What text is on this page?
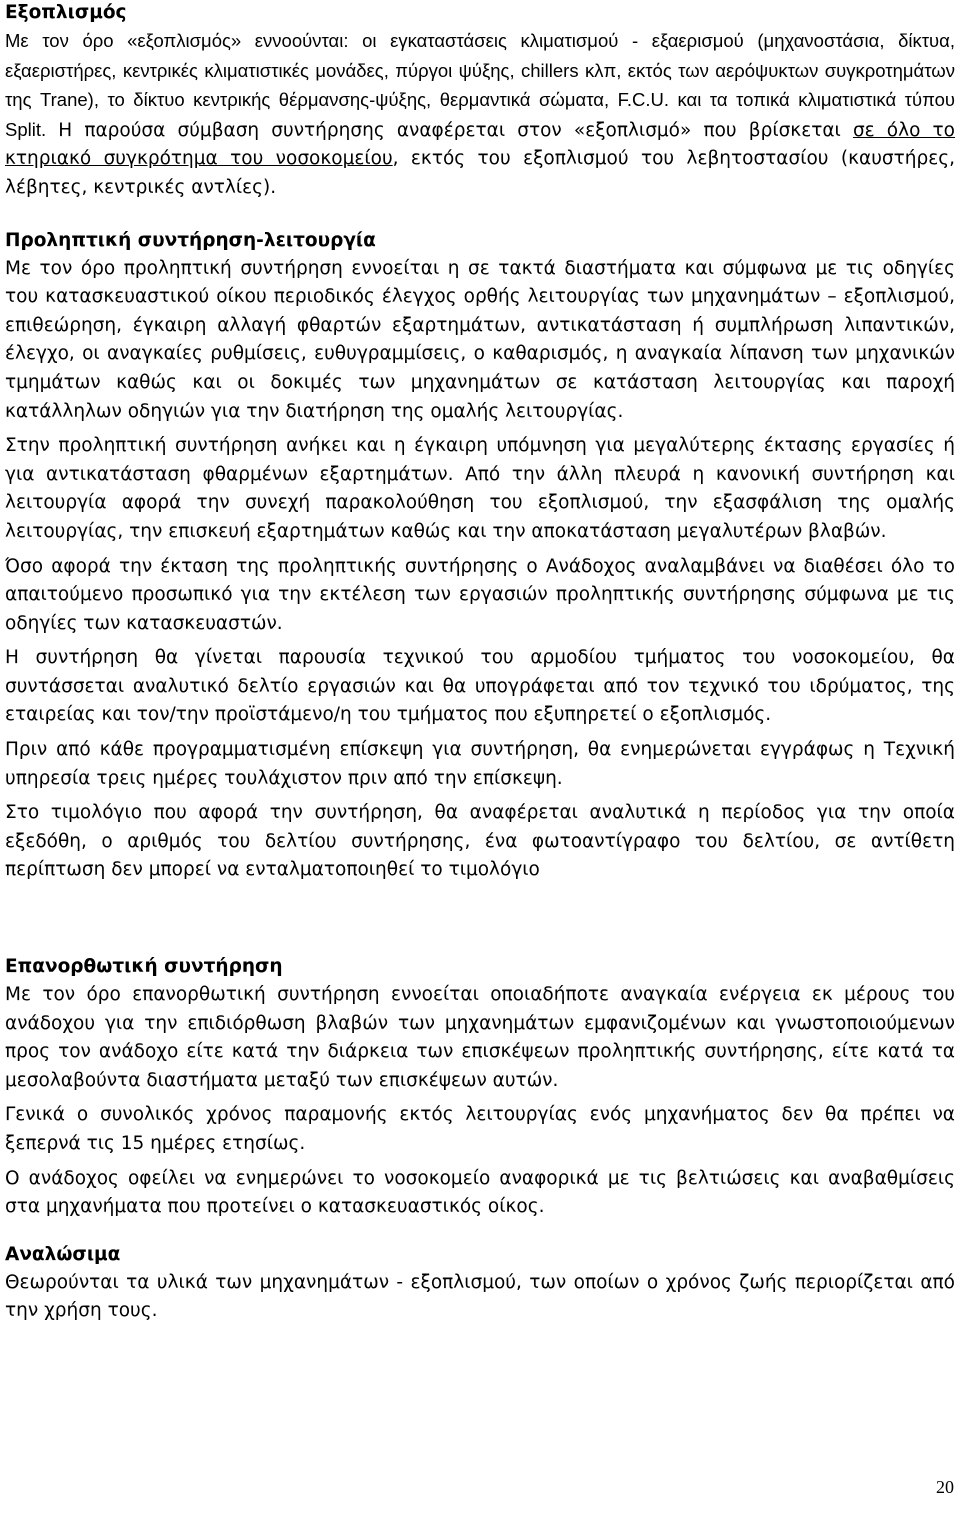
Εξοπλισμός

Με τον όρο «εξοπλισμός» εννοούνται: οι εγκαταστάσεις κλιματισμού - εξαερισμού (μηχανοστάσια, δίκτυα, εξαεριστήρες, κεντρικές κλιματιστικές μονάδες, πύργοι ψύξης, chillers κλπ, εκτός των αερόψυκτων συγκροτημάτων της Trane), το δίκτυο κεντρικής θέρμανσης-ψύξης, θερμαντικά σώματα, F.C.U. και τα τοπικά κλιματιστικά τύπου Split. Η παρούσα σύμβαση συντήρησης αναφέρεται στον «εξοπλισμό» που βρίσκεται σε όλο το κτηριακό συγκρότημα του νοσοκομείου, εκτός του εξοπλισμού του λεβητοστασίου (καυστήρες, λέβητες, κεντρικές αντλίες).

Προληπτική συντήρηση-λειτουργία

Με τον όρο προληπτική συντήρηση εννοείται η σε τακτά διαστήματα και σύμφωνα με τις οδηγίες του κατασκευαστικού οίκου περιοδικός έλεγχος ορθής λειτουργίας των μηχανημάτων – εξοπλισμού, επιθεώρηση, έγκαιρη αλλαγή φθαρτών εξαρτημάτων, αντικατάσταση ή συμπλήρωση λιπαντικών, έλεγχο, οι αναγκαίες ρυθμίσεις, ευθυγραμμίσεις, ο καθαρισμός, η αναγκαία λίπανση των μηχανικών τμημάτων καθώς και οι δοκιμές των μηχανημάτων σε κατάσταση λειτουργίας και παροχή κατάλληλων οδηγιών για την διατήρηση της ομαλής λειτουργίας.

Στην προληπτική συντήρηση ανήκει και η έγκαιρη υπόμνηση για μεγαλύτερης έκτασης εργασίες ή για αντικατάσταση φθαρμένων εξαρτημάτων. Από την άλλη πλευρά η κανονική συντήρηση και λειτουργία αφορά την συνεχή παρακολούθηση του εξοπλισμού, την εξασφάλιση της ομαλής λειτουργίας, την επισκευή εξαρτημάτων καθώς και την αποκατάσταση μεγαλυτέρων βλαβών.

Όσο αφορά την έκταση της προληπτικής συντήρησης ο Ανάδοχος αναλαμβάνει να διαθέσει όλο το απαιτούμενο προσωπικό για την εκτέλεση των εργασιών προληπτικής συντήρησης σύμφωνα με τις οδηγίες των κατασκευαστών.

Η συντήρηση θα γίνεται παρουσία τεχνικού του αρμοδίου τμήματος του νοσοκομείου, θα συντάσσεται αναλυτικό δελτίο εργασιών και θα υπογράφεται από τον τεχνικό του ιδρύματος, της εταιρείας και τον/την προϊστάμενο/η του τμήματος που εξυπηρετεί ο εξοπλισμός.

Πριν από κάθε προγραμματισμένη επίσκεψη για συντήρηση, θα ενημερώνεται εγγράφως η Τεχνική υπηρεσία τρεις ημέρες τουλάχιστον πριν από την επίσκεψη.

Στο τιμολόγιο που αφορά την συντήρηση, θα αναφέρεται αναλυτικά η περίοδος για την οποία εξεδόθη, ο αριθμός του δελτίου συντήρησης, ένα φωτοαντίγραφο του δελτίου, σε αντίθετη περίπτωση δεν μπορεί να ενταλματοποιηθεί το τιμολόγιο

Επανορθωτική συντήρηση

Με τον όρο επανορθωτική συντήρηση εννοείται οποιαδήποτε αναγκαία ενέργεια εκ μέρους του ανάδοχου για την επιδιόρθωση βλαβών των μηχανημάτων εμφανιζομένων και γνωστοποιούμενων προς τον ανάδοχο είτε κατά την διάρκεια των επισκέψεων προληπτικής συντήρησης, είτε κατά τα μεσολαβούντα διαστήματα μεταξύ των επισκέψεων αυτών.

Γενικά ο συνολικός χρόνος παραμονής εκτός λειτουργίας ενός μηχανήματος δεν θα πρέπει να ξεπερνά τις 15 ημέρες ετησίως.

Ο ανάδοχος οφείλει να ενημερώνει το νοσοκομείο αναφορικά με τις βελτιώσεις και αναβαθμίσεις στα μηχανήματα που προτείνει ο κατασκευαστικός οίκος.

Αναλώσιμα

Θεωρούνται τα υλικά των μηχανημάτων - εξοπλισμού, των οποίων ο χρόνος ζωής περιορίζεται από την χρήση τους.

20
